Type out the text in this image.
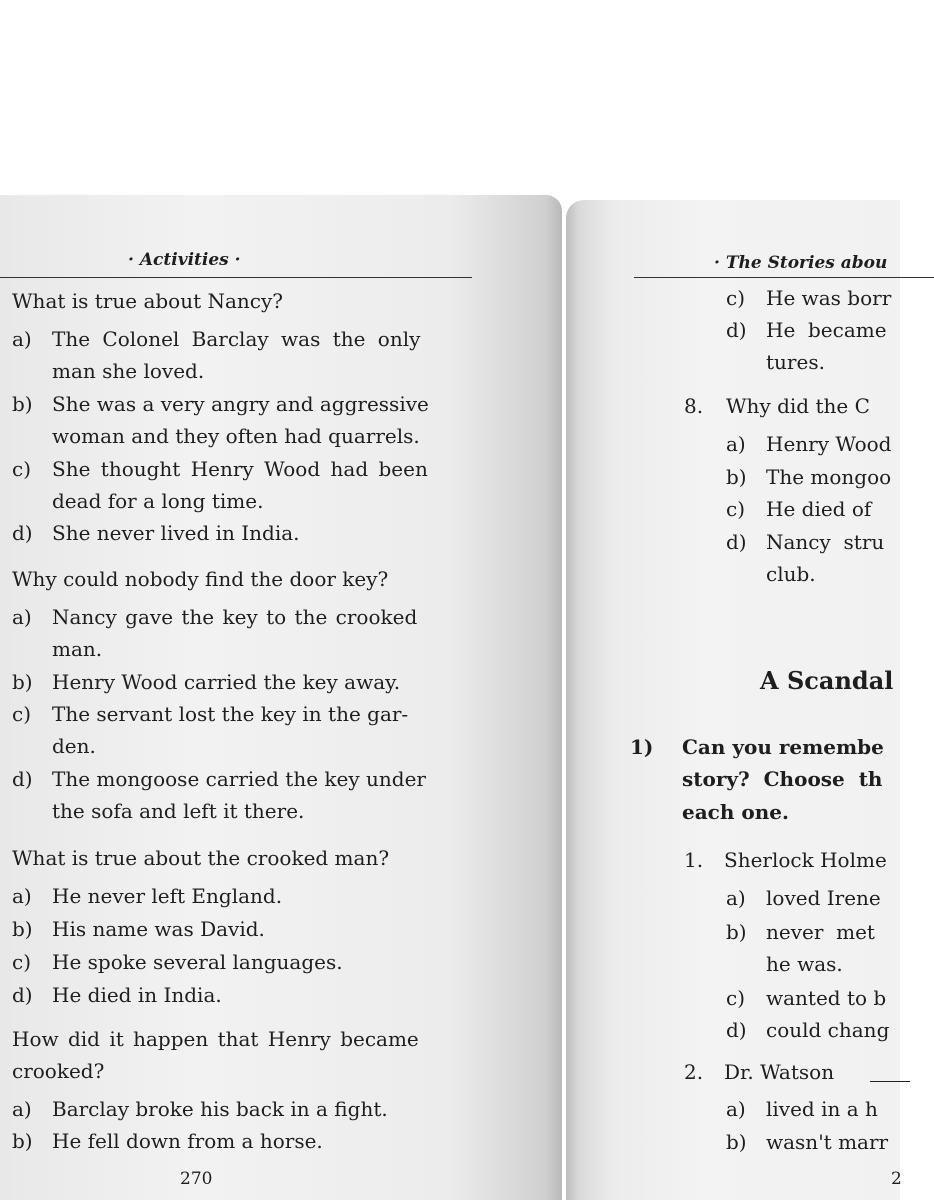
· Activities ·
What is true about Nancy?
a) The Colonel Barclay was the only
man she loved.
b) She was a very angry and aggressive
woman and they often had quarrels.
c) She thought Henry Wood had been
dead for a long time.
d) She never lived in India.
Why could nobody find the door key?
a) Nancy gave the key to the crooked
man.
b) Henry Wood carried the key away.
c) The servant lost the key in the gar-
den.
d) The mongoose carried the key under
the sofa and left it there.
What is true about the crooked man?
a) He never left England.
b) His name was David.
c) He spoke several languages.
d) He died in India.
How did it happen that Henry became
crooked?
a) Barclay broke his back in a fight.
b) He fell down from a horse.
270
· The Stories abou
c) He was borr
d) He  became
tures.
8. Why did the C
a) Henry Wood
b) The mongoo
c) He died of
d) Nancy  stru
club.
A Scandal
1) Can you remembe
story?  Choose  th
each one.
1. Sherlock Holme
a) loved Irene
b) never  met
he was.
c) wanted to b
d) could chang
2. Dr. Watson
a) lived in a h
b) wasn't marr
2
